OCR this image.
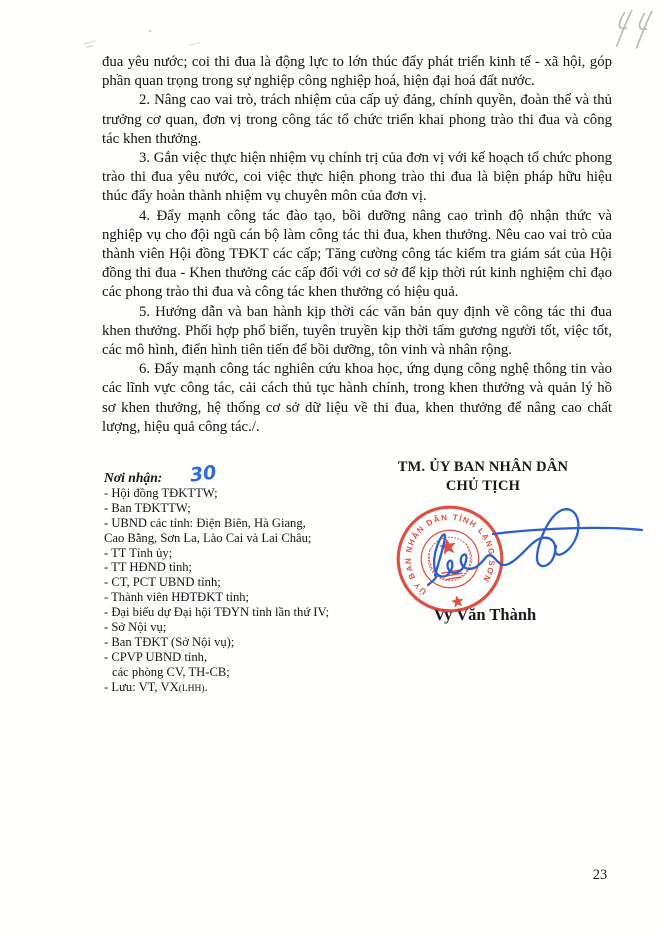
đua yêu nước; coi thi đua là động lực to lớn thúc đẩy phát triển kinh tế - xã hội, góp phần quan trọng trong sự nghiệp công nghiệp hoá, hiện đại hoá đất nước.

2. Nâng cao vai trò, trách nhiệm của cấp uỷ đảng, chính quyền, đoàn thể và thủ trưởng cơ quan, đơn vị trong công tác tổ chức triển khai phong trào thi đua và công tác khen thưởng.

3. Gắn việc thực hiện nhiệm vụ chính trị của đơn vị với kế hoạch tổ chức phong trào thi đua yêu nước, coi việc thực hiện phong trào thi đua là biện pháp hữu hiệu thúc đẩy hoàn thành nhiệm vụ chuyên môn của đơn vị.

4. Đẩy mạnh công tác đào tạo, bồi dưỡng nâng cao trình độ nhận thức và nghiệp vụ cho đội ngũ cán bộ làm công tác thi đua, khen thưởng. Nêu cao vai trò của thành viên Hội đồng TĐKT các cấp; Tăng cường công tác kiểm tra giám sát của Hội đồng thi đua - Khen thưởng các cấp đối với cơ sở để kịp thời rút kinh nghiệm chỉ đạo các phong trào thi đua và công tác khen thưởng có hiệu quả.

5. Hướng dẫn và ban hành kịp thời các văn bản quy định về công tác thi đua khen thưởng. Phối hợp phổ biến, tuyên truyền kịp thời tấm gương người tốt, việc tốt, các mô hình, điển hình tiên tiến để bồi dưỡng, tôn vinh và nhân rộng.

6. Đẩy mạnh công tác nghiên cứu khoa học, ứng dụng công nghệ thông tin vào các lĩnh vực công tác, cải cách thủ tục hành chính, trong khen thưởng và quản lý hồ sơ khen thưởng, hệ thống cơ sở dữ liệu về thi đua, khen thưởng để nâng cao chất lượng, hiệu quả công tác./.

TM. ỦY BAN NHÂN DÂN
CHỦ TỊCH
Nơi nhận: 30
- Hội đồng TĐKTTW;
- Ban TĐKTTW;
- UBND các tỉnh: Điện Biên, Hà Giang,
Cao Bằng, Sơn La, Lào Cai và Lai Châu;
- TT Tỉnh ủy;
- TT HĐND tỉnh;
- CT, PCT UBND tỉnh;
- Thành viên HĐTĐKT tỉnh;
- Đại biểu dự Đại hội TĐYN tỉnh lần thứ IV;
- Sở Nội vụ;
- Ban TĐKT (Sở Nội vụ);
- CPVP UBND tỉnh,
các phòng CV, TH-CB;
- Lưu: VT, VX(LHH).
Vy Văn Thành
ỦY BAN NHÂN DÂN TỈNH LẠNG SƠN
23
